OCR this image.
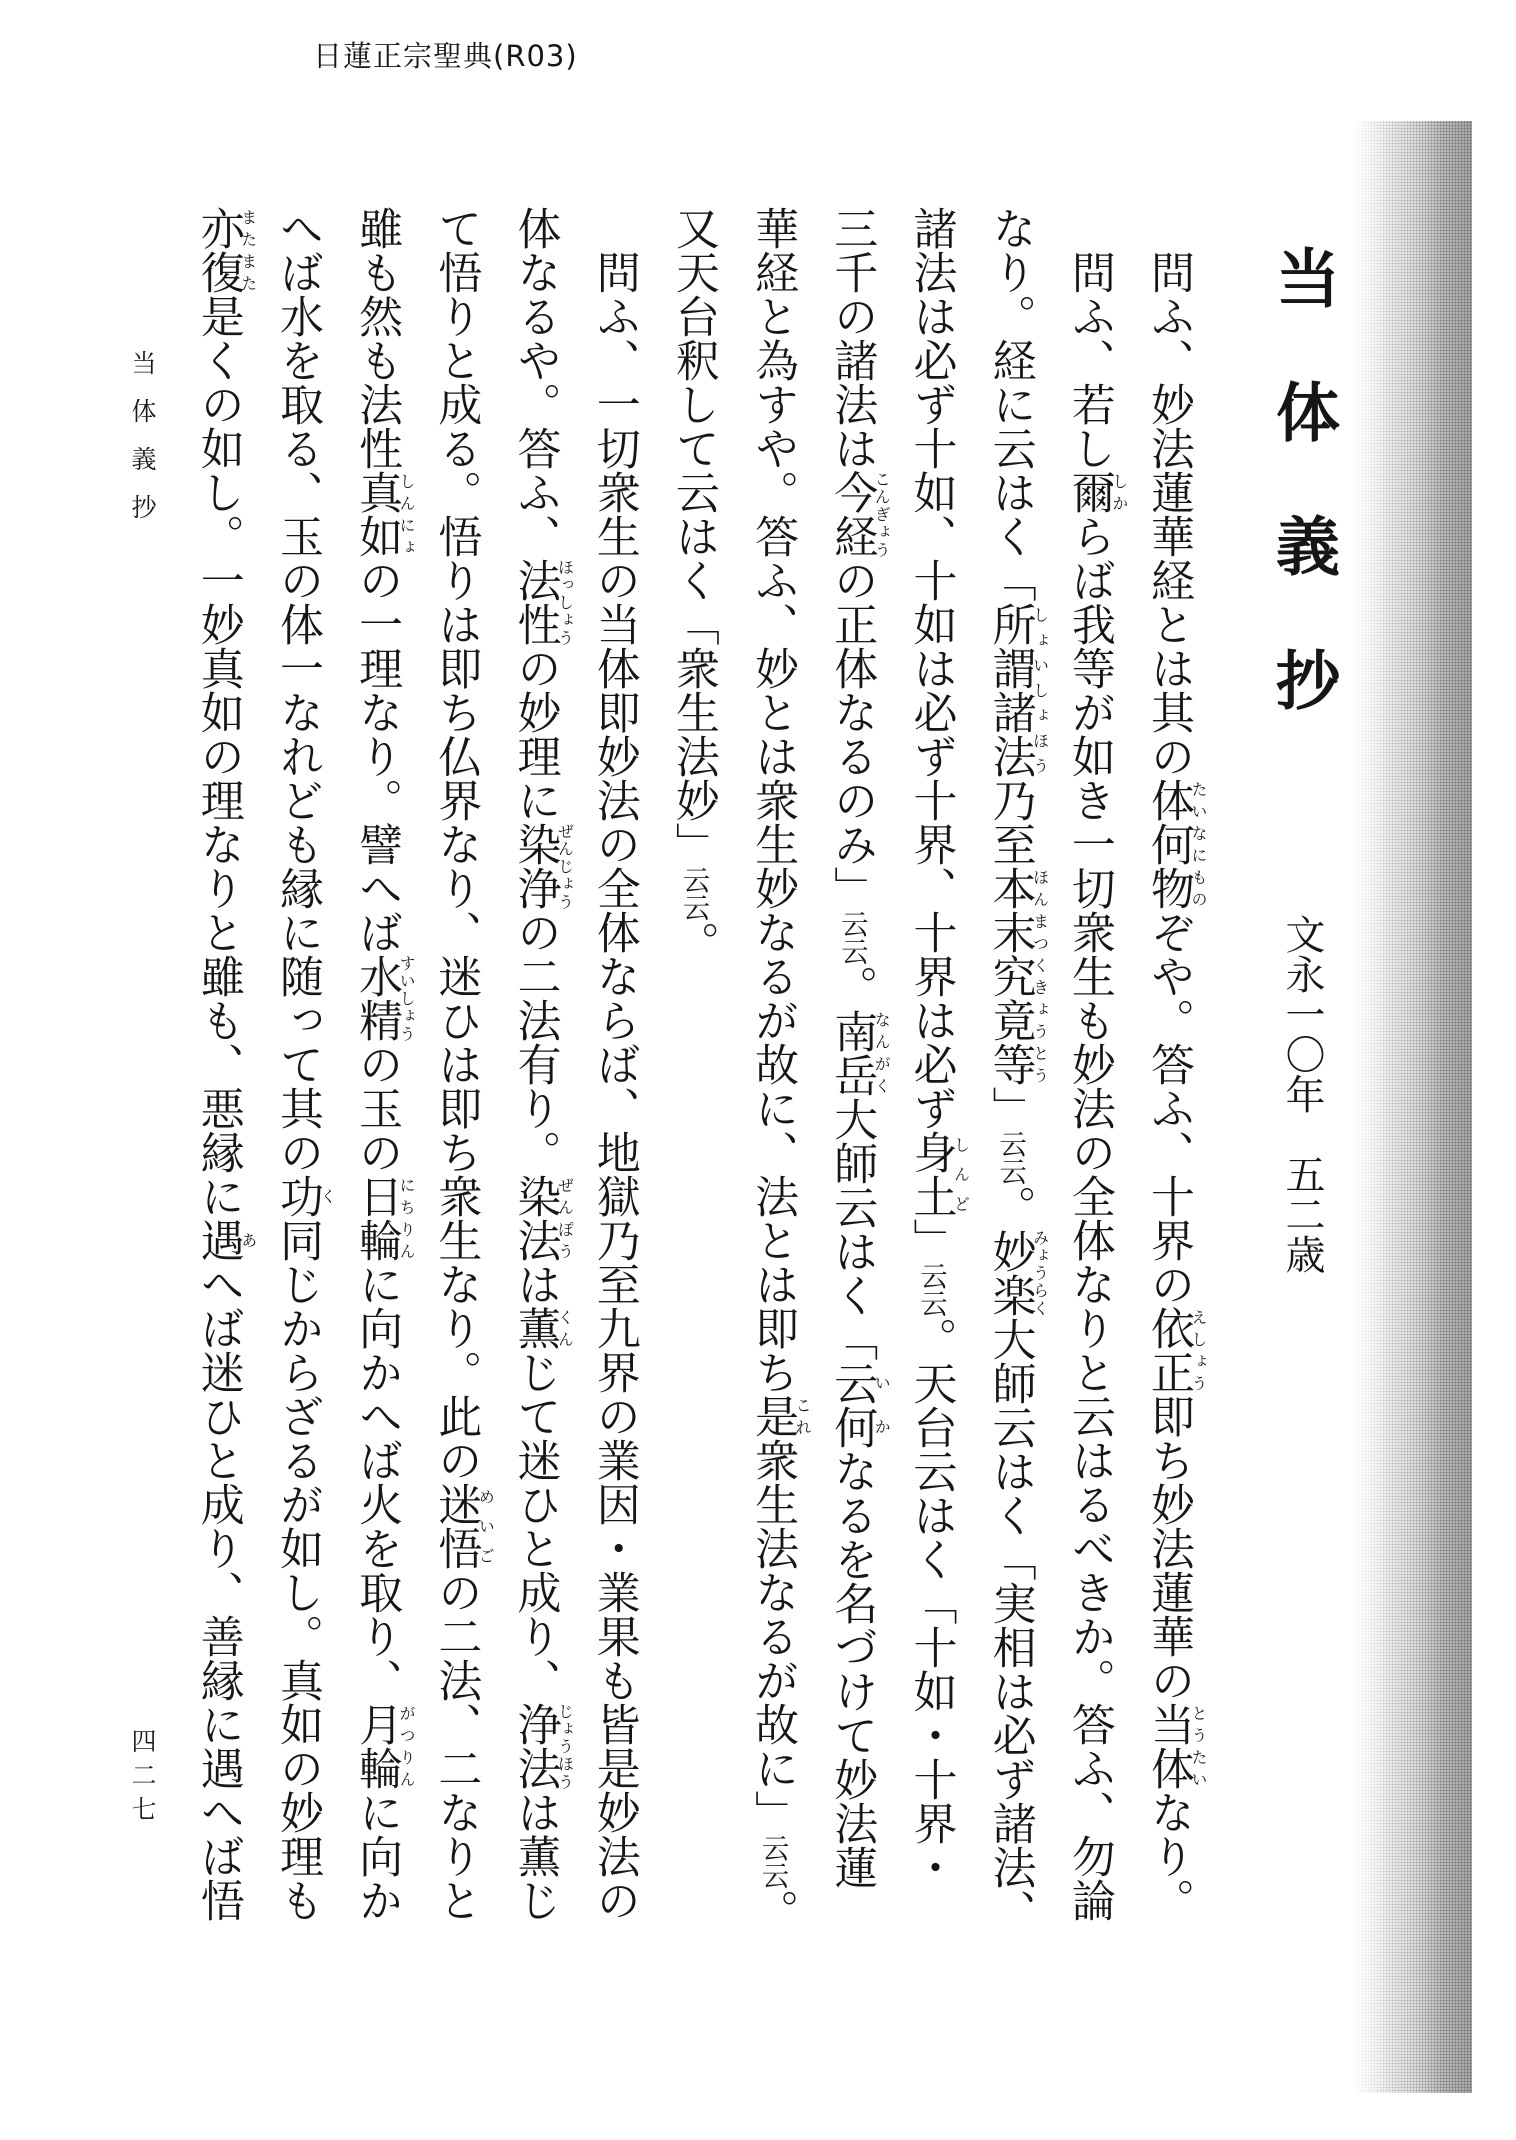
日蓮正宗聖典(R03)
当体義抄
文永一〇年　五二歳
問ふ、妙法蓮華経とは其の体何物たいなにものぞや。答ふ、十界の依正えしょう即ち妙法蓮華の当体とうたいなり。
問ふ、若し爾しからば我等が如き一切衆生も妙法の全体なりと云はるべきか。答ふ、勿論
なり。経に云はく「所謂諸法しょいしょほう乃至本末究竟等ほんまつくきょうとう」云云。妙楽みょうらく大師云はく「実相は必ず諸法、
諸法は必ず十如、十如は必ず十界、十界は必ず身土しんど」云云。天台云はく「十如・十界・
三千の諸法は今経こんぎょうの正体なるのみ」云云。南岳なんがく大師云はく「云何いかなるを名づけて妙法蓮
華経と為すや。答ふ、妙とは衆生妙なるが故に、法とは即ち是これ衆生法なるが故に」云云。
又天台釈して云はく「衆生法妙」云云。
問ふ、一切衆生の当体即妙法の全体ならば、地獄乃至九界の業因・業果も皆是妙法の
体なるや。答ふ、法性ほっしょうの妙理に染浄ぜんじょうの二法有り。染法ぜんぽうは薫くんじて迷ひと成り、浄法じょうほうは薫じ
て悟りと成る。悟りは即ち仏界なり、迷ひは即ち衆生なり。此の迷悟めいごの二法、二なりと
雖も然も法性真如しんにょの一理なり。譬へば水精すいしょうの玉の日輪にちりんに向かへば火を取り、月輪がつりんに向か
へば水を取る、玉の体一なれども縁に随って其の功く同じからざるが如し。真如の妙理も
亦復またまた是くの如し。一妙真如の理なりと雖も、悪縁に遇あへば迷ひと成り、善縁に遇へば悟
当体義抄
四二七
